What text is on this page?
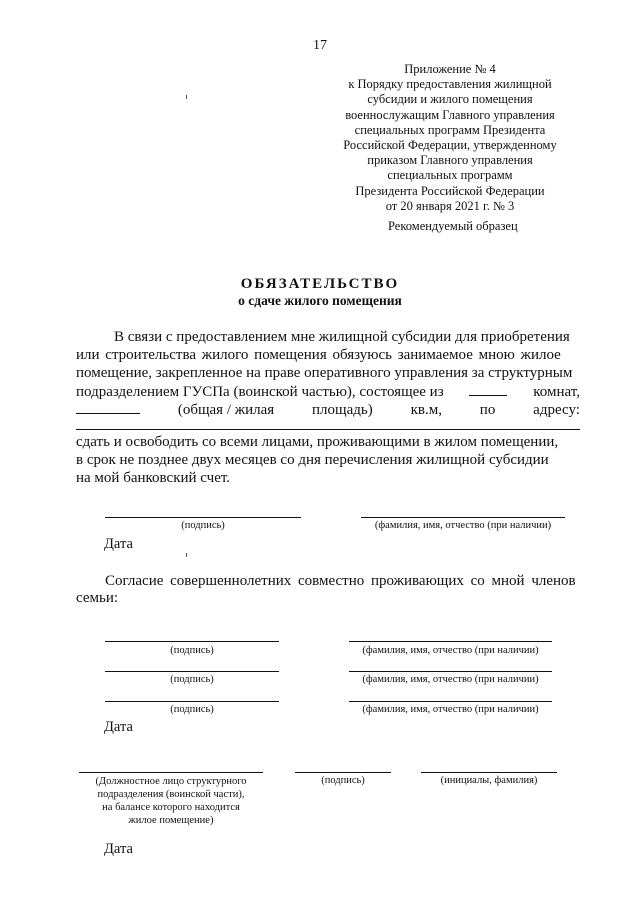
17
Приложение № 4
к Порядку предоставления жилищной
субсидии и жилого помещения
военнослужащим Главного управления
специальных программ Президента
Российской Федерации, утвержденному
приказом Главного управления
специальных программ
Президента Российской Федерации
от 20 января 2021 г. № 3
Рекомендуемый образец
ОБЯЗАТЕЛЬСТВО
о сдаче жилого помещения
В связи с предоставлением мне жилищной субсидии для приобретения
или строительства жилого помещения обязуюсь занимаемое мною жилое
помещение, закрепленное на праве оперативного управления за структурным
подразделением ГУСПа (воинской частью), состоящее из	комнат,
(общая / жилая	площадь)	кв.м,	по	адресу:
сдать и освободить со всеми лицами, проживающими в жилом помещении,
в срок не позднее двух месяцев со дня перечисления жилищной субсидии
на мой банковский счет.
(подпись)	(фамилия, имя, отчество (при наличии)
Дата
Согласие совершеннолетних совместно проживающих со мной членов
семьи:
(подпись)	(фамилия, имя, отчество (при наличии)
(подпись)	(фамилия, имя, отчество (при наличии)
(подпись)	(фамилия, имя, отчество (при наличии)
Дата
(Должностное лицо структурного
подразделения (воинской части),
на балансе которого находится
жилое помещение)
(подпись)	(инициалы, фамилия)
Дата
